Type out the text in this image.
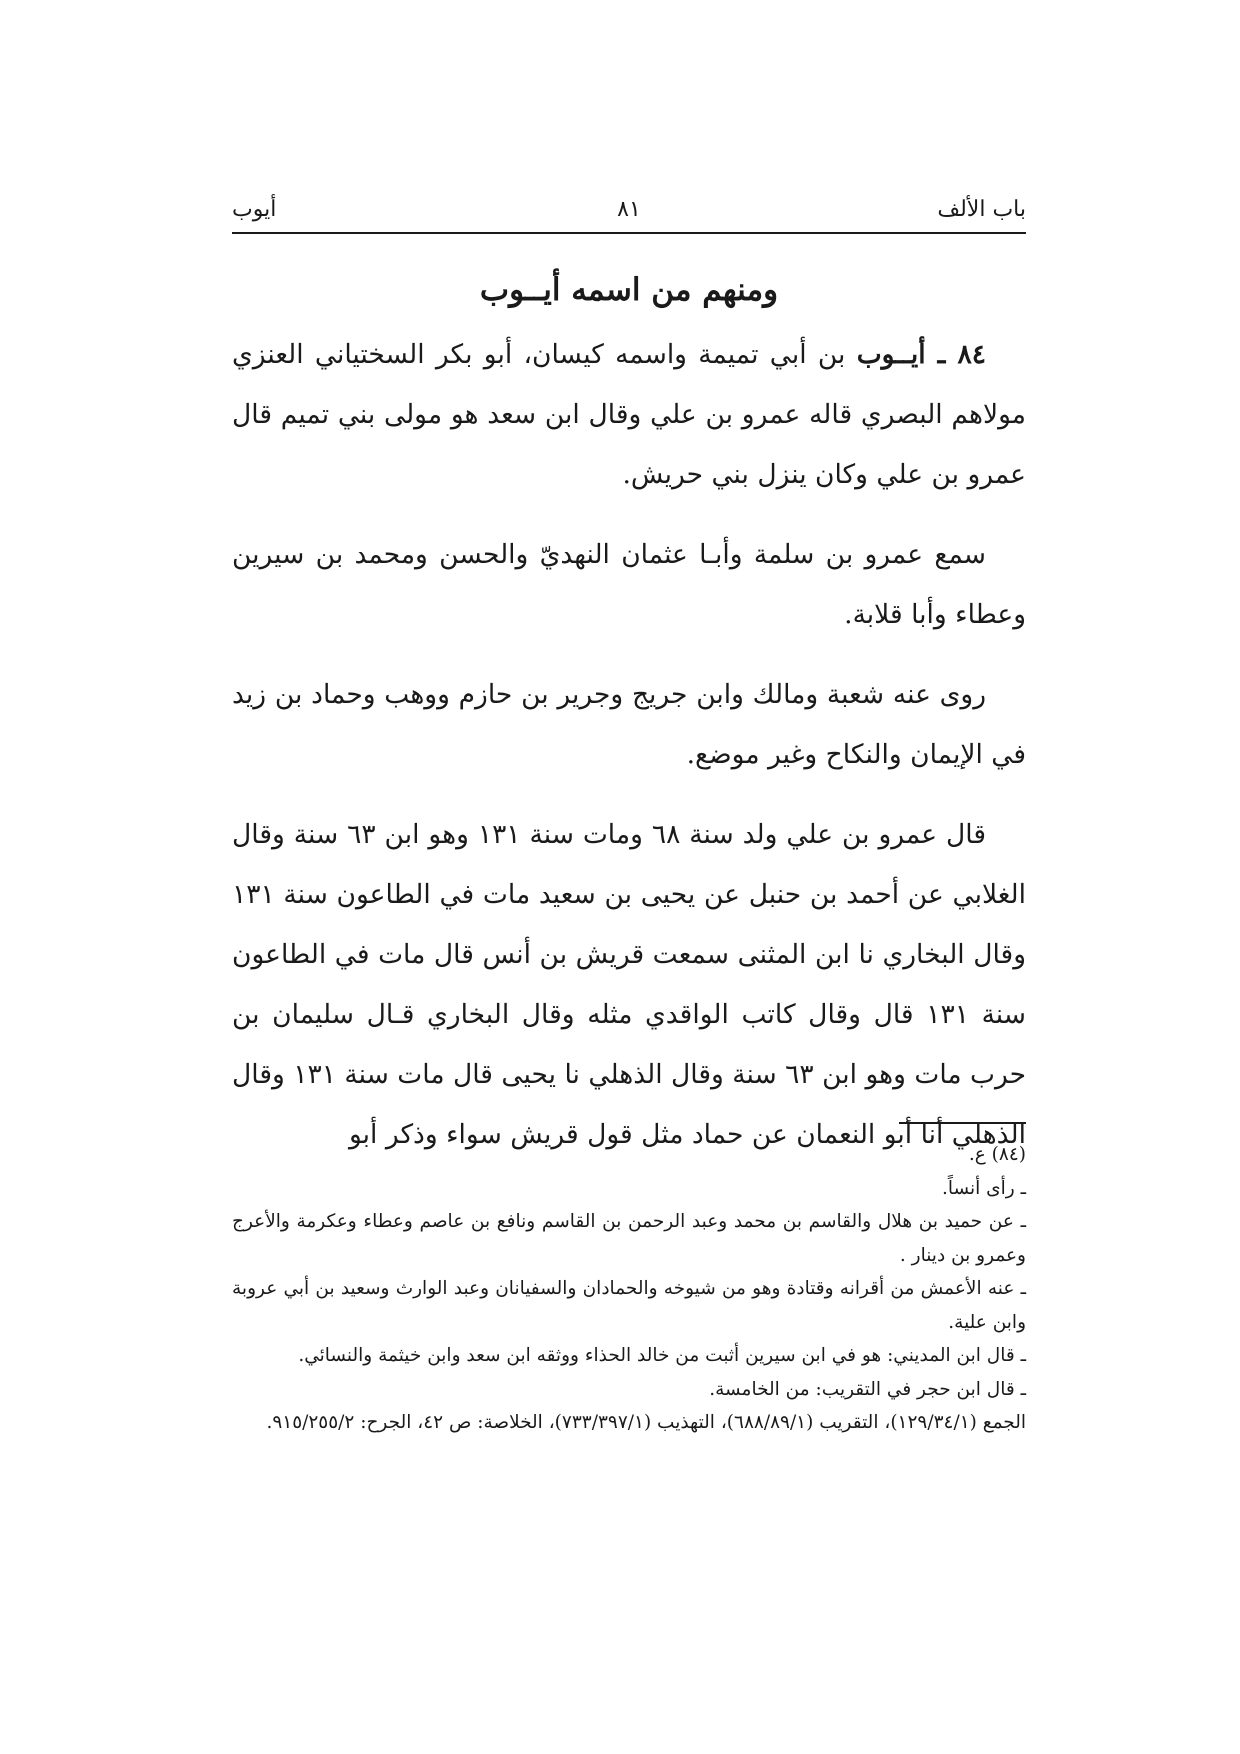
باب الألف
٨١
أيوب
ومنهم من اسمه أيــوب

٨٤ ـ أيــوب بن أبي تميمة واسمه كيسان، أبو بكر السختياني العنزي مولاهم البصري قاله عمرو بن علي وقال ابن سعد هو مولى بني تميم قال عمرو بن علي وكان ينزل بني حريش.

سمع عمرو بن سلمة وأبـا عثمان النهديّ والحسن ومحمد بن سيرين وعطاء وأبا قلابة.

روى عنه شعبة ومالك وابن جريج وجرير بن حازم ووهب وحماد بن زيد في الإيمان والنكاح وغير موضع.

قال عمرو بن علي ولد سنة ٦٨ ومات سنة ١٣١ وهو ابن ٦٣ سنة وقال الغلابي عن أحمد بن حنبل عن يحيى بن سعيد مات في الطاعون سنة ١٣١ وقال البخاري نا ابن المثنى سمعت قريش بن أنس قال مات في الطاعون سنة ١٣١ قال وقال كاتب الواقدي مثله وقال البخاري قـال سليمان بن حرب مات وهو ابن ٦٣ سنة وقال الذهلي نا يحيى قال مات سنة ١٣١ وقال الذهلي أنا أبو النعمان عن حماد مثل قول قريش سواء وذكر أبو

(٨٤) ع.

ـ رأى أنساً.

ـ عن حميد بن هلال والقاسم بن محمد وعبد الرحمن بن القاسم ونافع بن عاصم وعطاء وعكرمة والأعرج وعمرو بن دينار .

ـ عنه الأعمش من أقرانه وقتادة وهو من شيوخه والحمادان والسفيانان وعبد الوارث وسعيد بن أبي عروبة وابن علية.

ـ قال ابن المديني: هو في ابن سيرين أثبت من خالد الحذاء ووثقه ابن سعد وابن خيثمة والنسائي.

ـ قال ابن حجر في التقريب: من الخامسة.

الجمع (١٢٩/٣٤/١)، التقريب (٦٨٨/٨٩/١)، التهذيب (٧٣٣/٣٩٧/١)، الخلاصة: ص ٤٢، الجرح: ٩١٥/٢٥٥/٢.
